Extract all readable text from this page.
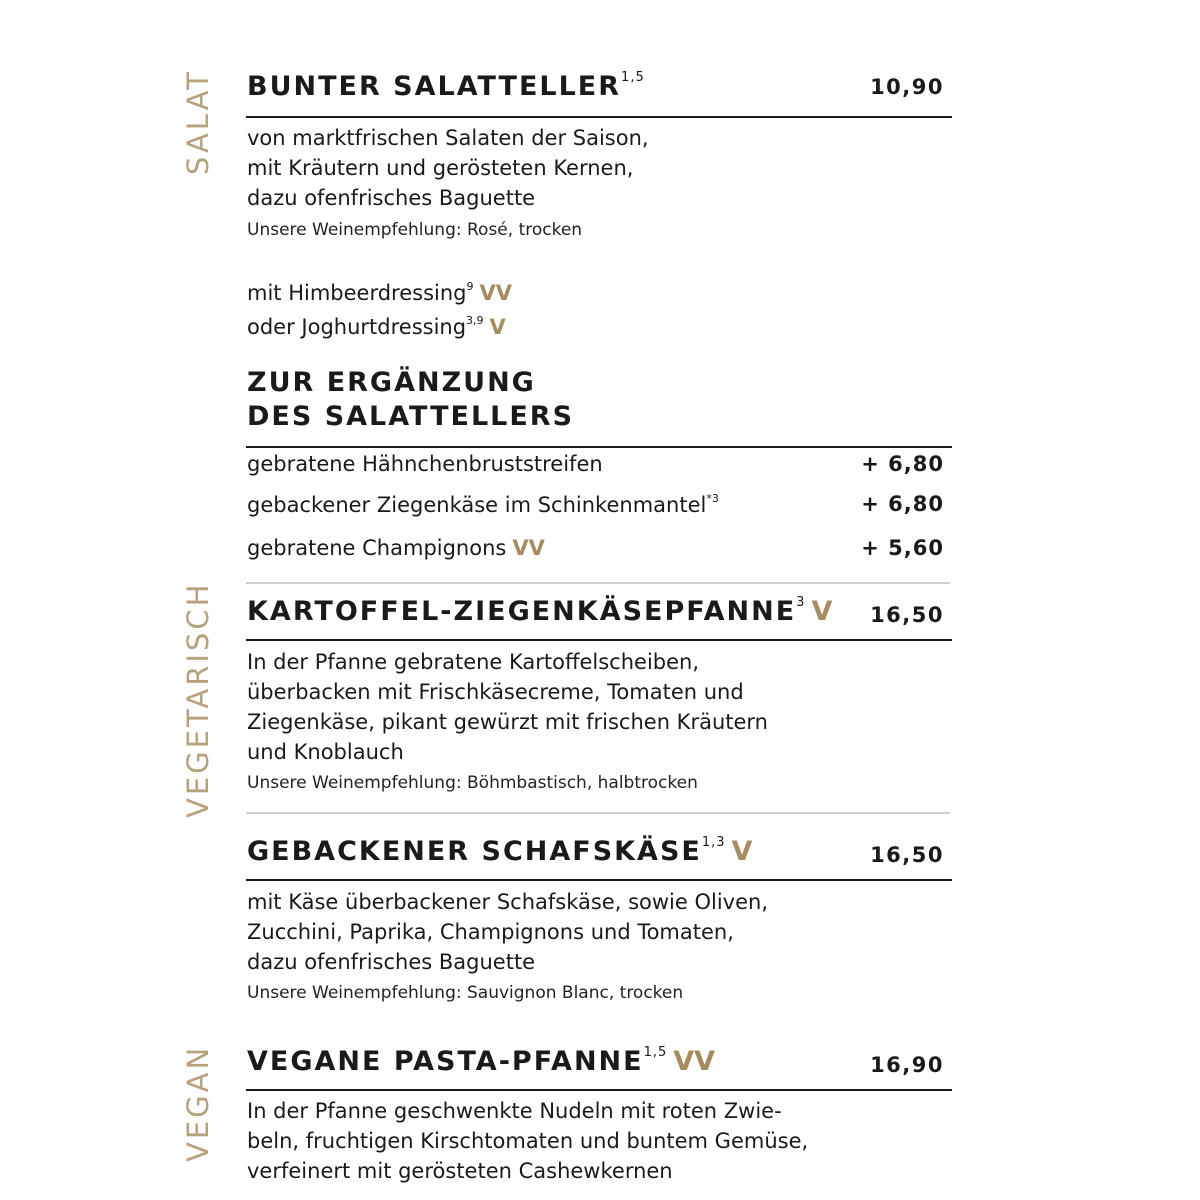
SALAT
VEGETARISCH
VEGAN
BUNTER SALATTELLER$^{1,5}$	10,90
von marktfrischen Salaten der Saison,
mit Kräutern und gerösteten Kernen,
dazu ofenfrisches Baguette
Unsere Weinempfehlung: Rosé, trocken
mit Himbeerdressing$^9$ VV
oder Joghurtdressing$^{3,9}$ V
ZUR ERGÄNZUNG
DES SALATTELLERS
gebratene Hähnchenbruststreifen	+ 6,80
gebackener Ziegenkäse im Schinkenmantel$^{*3}$	+ 6,80
gebratene Champignons VV	+ 5,60
KARTOFFEL-ZIEGENKÄSEPFANNE$^3$ V 16,50
In der Pfanne gebratene Kartoffelscheiben,
überbacken mit Frischkäsecreme, Tomaten und
Ziegenkäse, pikant gewürzt mit frischen Kräutern
und Knoblauch
Unsere Weinempfehlung: Böhmbastisch, halbtrocken
GEBACKENER SCHAFSKÄSE$^{1,3}$ V	16,50
mit Käse überbackener Schafskäse, sowie Oliven,
Zucchini, Paprika, Champignons und Tomaten,
dazu ofenfrisches Baguette
Unsere Weinempfehlung: Sauvignon Blanc, trocken
VEGANE PASTA-PFANNE$^{1,5}$ VV	16,90
In der Pfanne geschwenkte Nudeln mit roten Zwie-
beln, fruchtigen Kirschtomaten und buntem Gemüse,
verfeinert mit gerösteten Cashewkernen
